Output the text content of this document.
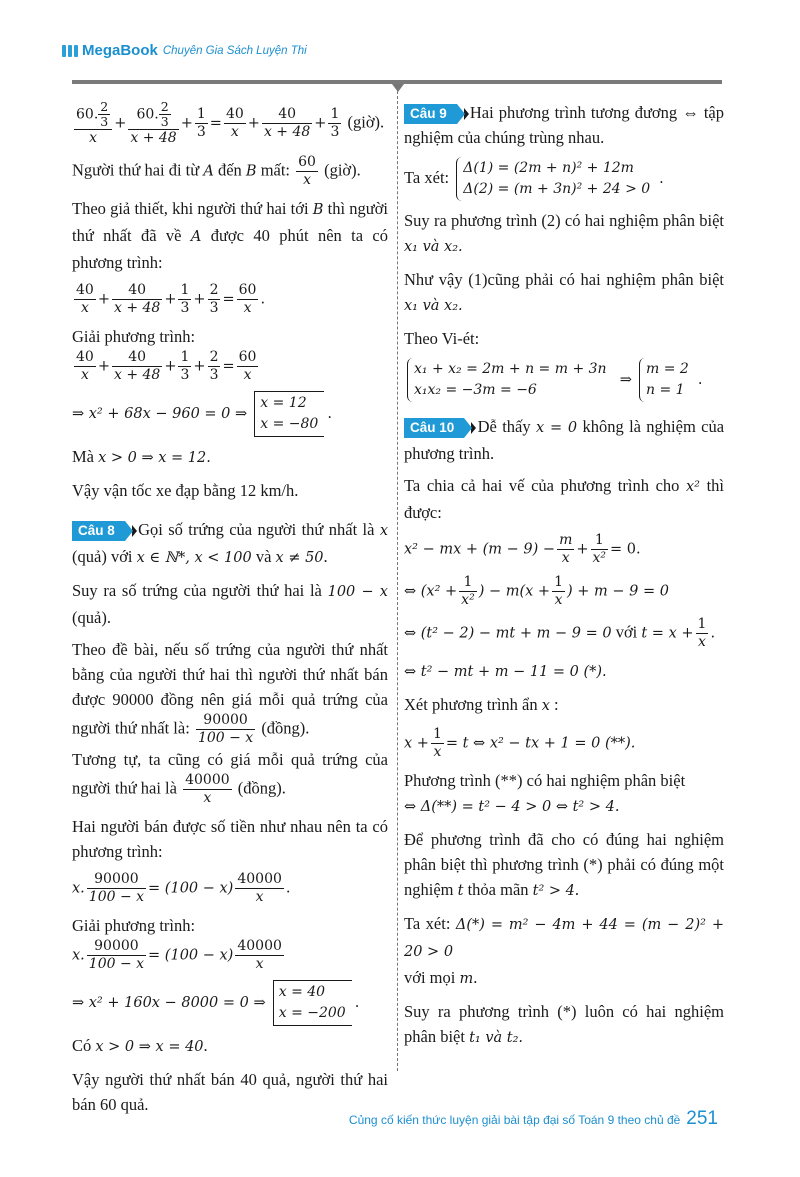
MegaBook Chuyên Gia Sách Luyện Thi
$\frac{60. \frac{2}{3}}{x} + \frac{60. \frac{2}{3}}{x + 48} + \frac{1}{3} = \frac{40}{x} + \frac{40}{x + 48} + \frac{1}{3}$ (giờ).
Người thứ hai đi từ A đến B mất: $\frac{60}{x}$ (giờ).
Theo giả thiết, khi người thứ hai tới B thì người thứ nhất đã về A được 40 phút nên ta có phương trình:
$\frac{40}{x} + \frac{40}{x + 48} + \frac{1}{3} + \frac{2}{3} = \frac{60}{x}$ .
Giải phương trình:
$\frac{40}{x} + \frac{40}{x + 48} + \frac{1}{3} + \frac{2}{3} = \frac{60}{x}$
⇒ x² + 68x − 960 = 0 ⇒
x = 12
x = −80
.
Mà x > 0 ⇒ x = 12.
Vậy vận tốc xe đạp bằng 12 km/h.
Câu 8 Gọi số trứng của người thứ nhất là x (quả) với x ∈ ℕ*, x < 100 và x ≠ 50.
Suy ra số trứng của người thứ hai là 100 − x (quả).
Theo đề bài, nếu số trứng của người thứ nhất bằng của người thứ hai thì người thứ nhất bán được 90000 đồng nên giá mỗi quả trứng của người thứ nhất là: $\frac{90000}{100 - x}$ (đồng).
Tương tự, ta cũng có giá mỗi quả trứng của người thứ hai là $\frac{40000}{x}$ (đồng).
Hai người bán được số tiền như nhau nên ta có phương trình:
x. $\frac{90000}{100 - x} = (100 - x) \frac{40000}{x}$ .
Giải phương trình:
x. $\frac{90000}{100 - x} = (100 - x) \frac{40000}{x}$
⇒ x² + 160x − 8000 = 0 ⇒
x = 40
x = −200
.
Có x > 0 ⇒ x = 40.
Vậy người thứ nhất bán 40 quả, người thứ hai bán 60 quả.
Câu 9 Hai phương trình tương đương ⇔ tập nghiệm của chúng trùng nhau.
Ta xét: Δ(1) = (2m + n)² + 12m
Δ(2) = (m + 3n)² + 24 > 0
.
Suy ra phương trình (2) có hai nghiệm phân biệt x₁ và x₂.
Như vậy (1)cũng phải có hai nghiệm phân biệt x₁ và x₂.
Theo Vi-ét:
x₁ + x₂ = 2m + n = m + 3n
x₁x₂ = −3m = −6
⇒
m = 2
n = 1
.
Câu 10 Dễ thấy x = 0 không là nghiệm của phương trình.
Ta chia cả hai vế của phương trình cho x² thì được:
x² − mx + $(m - 9) - \frac{m}{x} + \frac{1}{\text{x²}} = 0$.
⇔ ($x^2 + \frac{1}{\text{x²}}$ ) − $m(x + \frac{1}{x}$ ) + m − 9 = 0
⇔ (t² − 2) − mt + m − 9 = 0 với $t = x + \frac{1}{x}$ .
⇔ t² − mt + m − 11 = 0 (*).
Xét phương trình ẩn x :
$x + \frac{1}{x} = t$ ⇔ x² − tx + 1 = 0 (**).
Phương trình (**) có hai nghiệm phân biệt
⇔ Δ(**) = t² − 4 > 0 ⇔ t² > 4.
Để phương trình đã cho có đúng hai nghiệm phân biệt thì phương trình (*) phải có đúng một nghiệm t thỏa mãn t² > 4.
Ta xét: Δ(*) = m² − 4m + 44 = (m − 2)² + 20 > 0
với mọi m.
Suy ra phương trình (*) luôn có hai nghiệm phân biệt t₁ và t₂.
Củng cố kiến thức luyện giải bài tập đại số Toán 9 theo chủ đề 251
